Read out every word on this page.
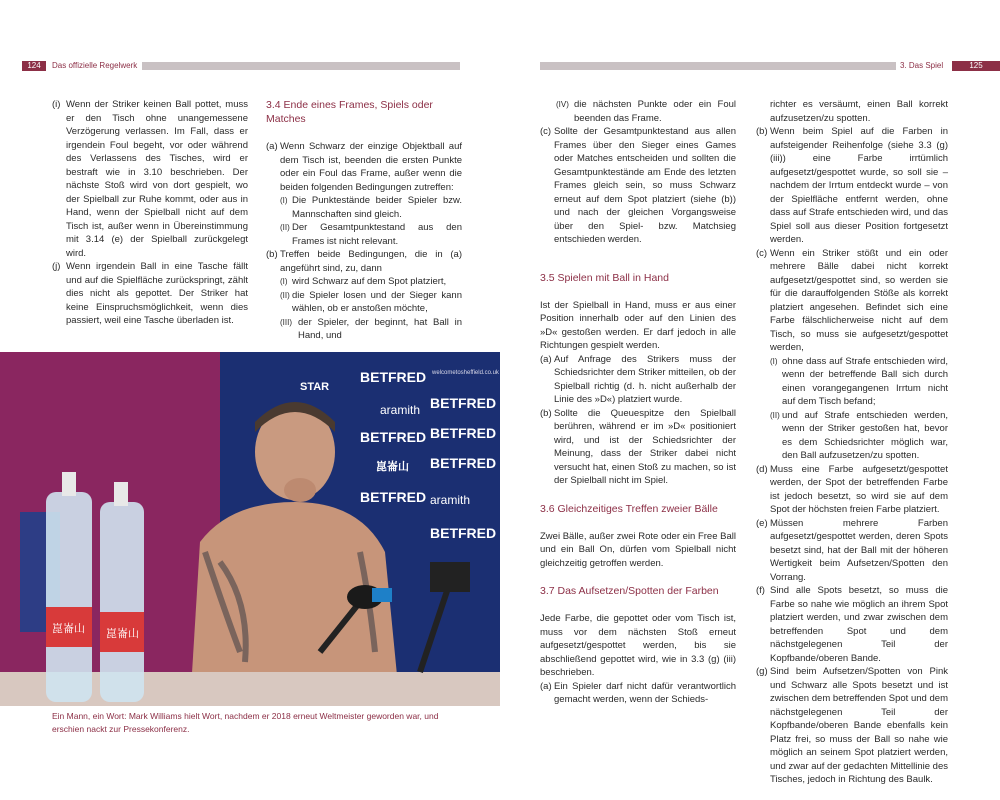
124	Das offizielle Regelwerk	3. Das Spiel	125
(i) Wenn der Striker keinen Ball pottet, muss er den Tisch ohne unangemessene Verzögerung verlassen. Im Fall, dass er irgendein Foul begeht, vor oder während des Verlassens des Tisches, wird er bestraft wie in 3.10 beschrieben. Der nächste Stoß wird von dort gespielt, wo der Spielball zur Ruhe kommt, oder aus in Hand, wenn der Spielball nicht auf dem Tisch ist, außer wenn in Übereinstimmung mit 3.14 (e) der Spielball zurückgelegt wird.

(j) Wenn irgendein Ball in eine Tasche fällt und auf die Spielfläche zurückspringt, zählt dies nicht als gepottet. Der Striker hat keine Einspruchsmöglichkeit, wenn dies passiert, weil eine Tasche überladen ist.

3.4 Ende eines Frames, Spiels oder Matches

(a) Wenn Schwarz der einzige Objektball auf dem Tisch ist, beenden die ersten Punkte oder ein Foul das Frame, außer wenn die beiden folgenden Bedingungen zutreffen:

(I) Die Punktestände beider Spieler bzw. Mannschaften sind gleich.

(II) Der Gesamtpunktestand aus den Frames ist nicht relevant.

(b) Treffen beide Bedingungen, die in (a) angeführt sind, zu, dann

(I) wird Schwarz auf dem Spot platziert,

(II) die Spieler losen und der Sieger kann wählen, ob er anstoßen möchte,

(III) der Spieler, der beginnt, hat Ball in Hand, und

BETFRED
BETFRED
BETFRED
BETFRED
BETFRED
BETFRED
BETFRED
STAR
aramith
aramith
welcometosheffield.co.uk
崑崙山
崑崙山 崑崙山
Ein Mann, ein Wort: Mark Williams hielt Wort, nachdem er 2018 erneut Weltmeister geworden war, und erschien nackt zur Pressekonferenz.
(IV) die nächsten Punkte oder ein Foul beenden das Frame.

(c) Sollte der Gesamtpunktestand aus allen Frames über den Sieger eines Games oder Matches entscheiden und sollten die Gesamtpunktestände am Ende des letzten Frames gleich sein, so muss Schwarz erneut auf dem Spot platziert (siehe (b)) und nach der gleichen Vorgangsweise über den Spiel- bzw. Matchsieg entschieden werden.

3.5 Spielen mit Ball in Hand

Ist der Spielball in Hand, muss er aus einer Position innerhalb oder auf den Linien des »D« gestoßen werden. Er darf jedoch in alle Richtungen gespielt werden.

(a) Auf Anfrage des Strikers muss der Schiedsrichter dem Striker mitteilen, ob der Spielball richtig (d. h. nicht außerhalb der Linie des »D«) platziert wurde.

(b) Sollte die Queuespitze den Spielball berühren, während er im »D« positioniert wird, und ist der Schiedsrichter der Meinung, dass der Striker dabei nicht versucht hat, einen Stoß zu machen, so ist der Spielball nicht im Spiel.

3.6 Gleichzeitiges Treffen zweier Bälle

Zwei Bälle, außer zwei Rote oder ein Free Ball und ein Ball On, dürfen vom Spielball nicht gleichzeitig getroffen werden.

3.7 Das Aufsetzen/Spotten der Farben

Jede Farbe, die gepottet oder vom Tisch ist, muss vor dem nächsten Stoß erneut aufgesetzt/gespottet werden, bis sie abschließend gepottet wird, wie in 3.3 (g) (iii) beschrieben.

(a) Ein Spieler darf nicht dafür verantwortlich gemacht werden, wenn der Schieds-

richter es versäumt, einen Ball korrekt aufzusetzen/zu spotten.

(b) Wenn beim Spiel auf die Farben in aufsteigender Reihenfolge (siehe 3.3 (g) (iii)) eine Farbe irrtümlich aufgesetzt/gespottet wurde, so soll sie – nachdem der Irrtum entdeckt wurde – von der Spielfläche entfernt werden, ohne dass auf Strafe entschieden wird, und das Spiel soll aus dieser Position fortgesetzt werden.

(c) Wenn ein Striker stößt und ein oder mehrere Bälle dabei nicht korrekt aufgesetzt/gespottet sind, so werden sie für die darauffolgenden Stöße als korrekt platziert angesehen. Befindet sich eine Farbe fälschlicherweise nicht auf dem Tisch, so muss sie aufgesetzt/gespottet werden,

(I) ohne dass auf Strafe entschieden wird, wenn der betreffende Ball sich durch einen vorangegangenen Irrtum nicht auf dem Tisch befand;

(II) und auf Strafe entschieden werden, wenn der Striker gestoßen hat, bevor es dem Schiedsrichter möglich war, den Ball aufzusetzen/zu spotten.

(d) Muss eine Farbe aufgesetzt/gespottet werden, der Spot der betreffenden Farbe ist jedoch besetzt, so wird sie auf dem Spot der höchsten freien Farbe platziert.

(e) Müssen mehrere Farben aufgesetzt/gespottet werden, deren Spots besetzt sind, hat der Ball mit der höheren Wertigkeit beim Aufsetzen/Spotten den Vorrang.

(f) Sind alle Spots besetzt, so muss die Farbe so nahe wie möglich an ihrem Spot platziert werden, und zwar zwischen dem betreffenden Spot und dem nächstgelegenen Teil der Kopfbande/oberen Bande.

(g) Sind beim Aufsetzen/Spotten von Pink und Schwarz alle Spots besetzt und ist zwischen dem betreffenden Spot und dem nächstgelegenen Teil der Kopfbande/oberen Bande ebenfalls kein Platz frei, so muss der Ball so nahe wie möglich an seinem Spot platziert werden, und zwar auf der gedachten Mittellinie des Tisches, jedoch in Richtung des Baulk.
